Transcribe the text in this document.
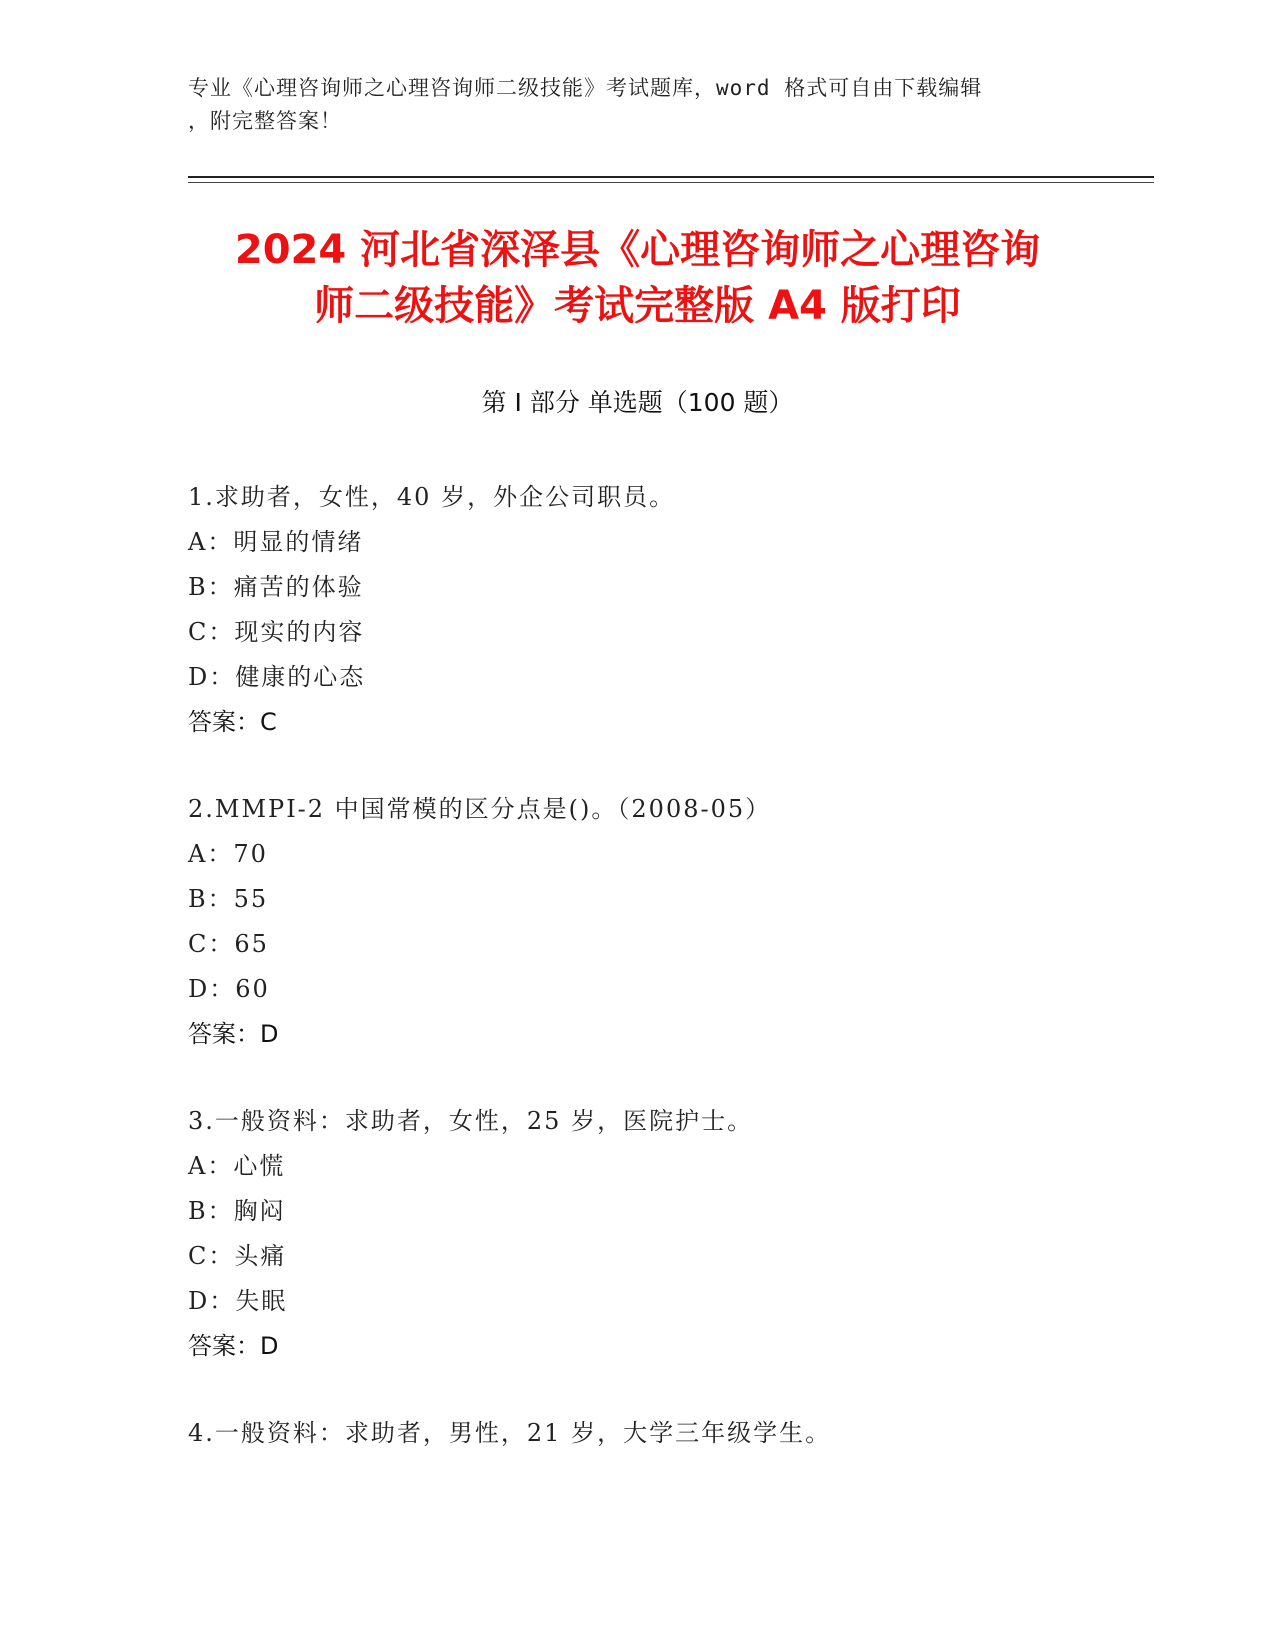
专业《心理咨询师之心理咨询师二级技能》考试题库，word 格式可自由下载编辑
，附完整答案！
2024 河北省深泽县《心理咨询师之心理咨询
师二级技能》考试完整版 A4 版打印
第 I 部分 单选题（100 题）
1.求助者，女性，40 岁，外企公司职员。
A：明显的情绪
B：痛苦的体验
C：现实的内容
D：健康的心态
答案：C
2.MMPI-2 中国常模的区分点是()。（2008-05）
A：70
B：55
C：65
D：60
答案：D
3.一般资料：求助者，女性，25 岁，医院护士。
A：心慌
B：胸闷
C：头痛
D：失眠
答案：D
4.一般资料：求助者，男性，21 岁，大学三年级学生。
